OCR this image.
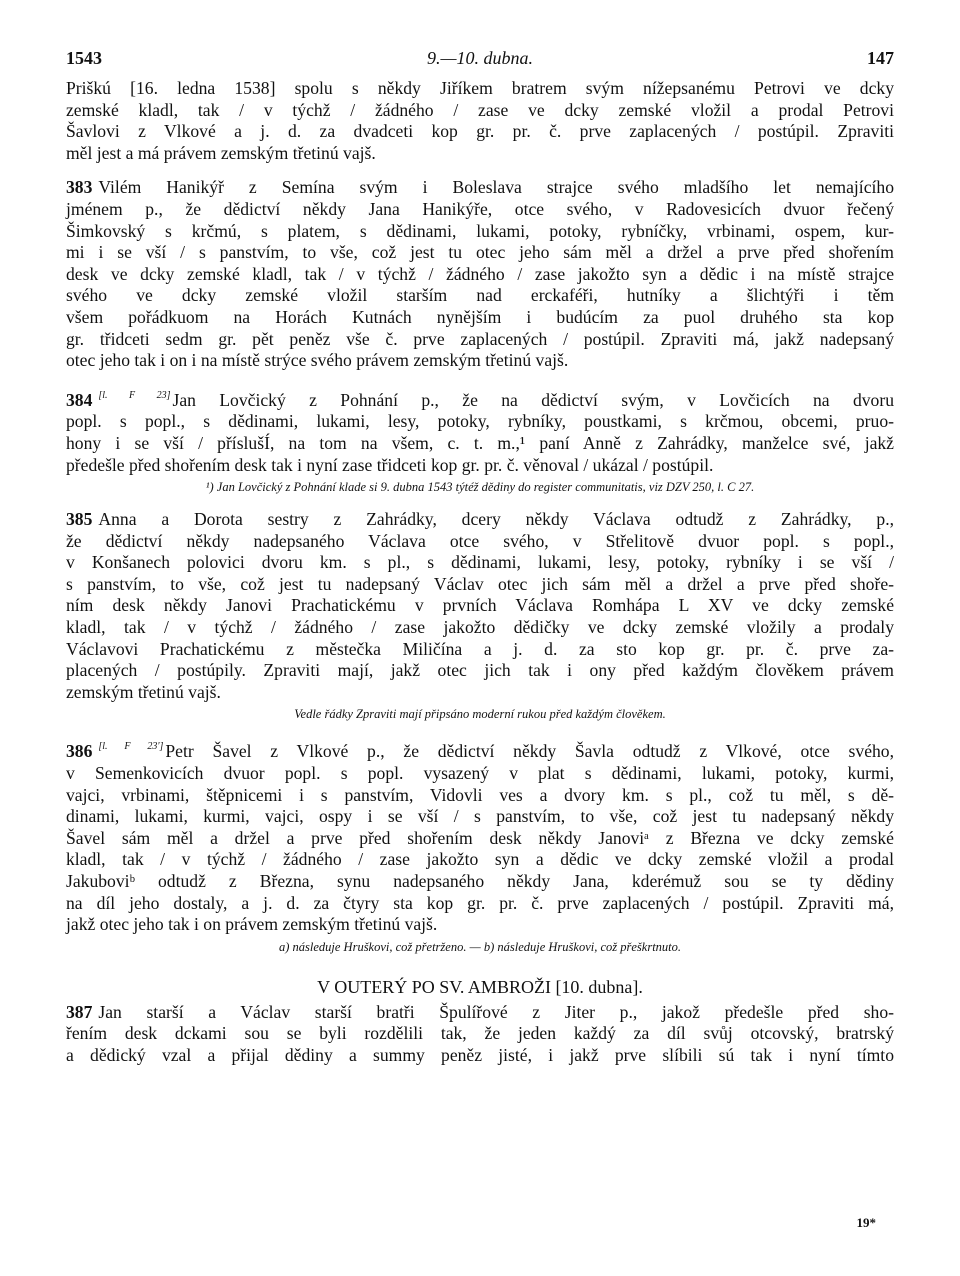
1543	9.—10. dubna.	147

Priškú [16. ledna 1538] spolu s někdy Jiříkem bratrem svým nížepsanému Petrovi ve dcky

zemské kladl, tak / v týchž / žádného / zase ve dcky zemské vložil a prodal Petrovi

Šavlovi z Vlkové a j. d. za dvadceti kop gr. pr. č. prve zaplacených / postúpil. Zpraviti

měl jest a má právem zemským třetinú vajš.

383 Vilém Hanikýř z Semína svým i Boleslava strajce svého mladšího let nemajícího

jménem p., že dědictví někdy Jana Hanikýře, otce svého, v Radovesicích dvuor řečený

Šimkovský s krčmú, s platem, s dědinami, lukami, potoky, rybníčky, vrbinami, ospem, kur-

mi i se vší / s panstvím, to vše, což jest tu otec jeho sám měl a držel a prve před shořením

desk ve dcky zemské kladl, tak / v týchž / žádného / zase jakožto syn a dědic i na místě strajce

svého ve dcky zemské vložil starším nad erckaféři, hutníky a šlichtýři i těm

všem pořádkuom na Horách Kutnách nynějším i budúcím za puol druhého sta kop

gr. třidceti sedm gr. pět peněz vše č. prve zaplacených / postúpil. Zpraviti má, jakž nadepsaný

otec jeho tak i on i na místě strýce svého právem zemským třetinú vajš.

384 [l. F 23] Jan Lovčický z Pohnání p., že na dědictví svým, v Lovčicích na dvoru

popl. s popl., s dědinami, lukami, lesy, potoky, rybníky, poustkami, s krčmou, obcemi, pruo-

hony i se vší / příslušÍ, na tom na všem, c. t. m.,¹ paní Anně z Zahrádky, manželce své, jakž

předešle před shořením desk tak i nyní zase třidceti kop gr. pr. č. věnoval / ukázal / postúpil.

¹) Jan Lovčický z Pohnání klade si 9. dubna 1543 týtéž dědiny do register communitatis, viz DZV 250, l. C 27.

385 Anna a Dorota sestry z Zahrádky, dcery někdy Václava odtudž z Zahrádky, p.,

že dědictví někdy nadepsaného Václava otce svého, v Střelitově dvuor popl. s popl.,

v Konšanech polovici dvoru km. s pl., s dědinami, lukami, lesy, potoky, rybníky i se vší /

s panstvím, to vše, což jest tu nadepsaný Václav otec jich sám měl a držel a prve před shoře-

ním desk někdy Janovi Prachatickému v prvních Václava Romhápa L XV ve dcky zemské

kladl, tak / v týchž / žádného / zase jakožto dědičky ve dcky zemské vložily a prodaly

Václavovi Prachatickému z městečka Miličína a j. d. za sto kop gr. pr. č. prve za-

placených / postúpily. Zpraviti mají, jakž otec jich tak i ony před každým člověkem právem

zemským třetinú vajš.

Vedle řádky Zpraviti mají připsáno moderní rukou před každým člověkem.

386 [l. F 23'] Petr Šavel z Vlkové p., že dědictví někdy Šavla odtudž z Vlkové, otce svého,

v Semenkovicích dvuor popl. s popl. vysazený v plat s dědinami, lukami, potoky, kurmi,

vajci, vrbinami, štěpnicemi i s panstvím, Vidovli ves a dvory km. s pl., což tu měl, s dě-

dinami, lukami, kurmi, vajci, ospy i se vší / s panstvím, to vše, což jest tu nadepsaný někdy

Šavel sám měl a držel a prve před shořením desk někdy Janoviᵃ z Března ve dcky zemské

kladl, tak / v týchž / žádného / zase jakožto syn a dědic ve dcky zemské vložil a prodal

Jakuboviᵇ odtudž z Března, synu nadepsaného někdy Jana, kderémuž sou se ty dědiny

na díl jeho dostaly, a j. d. za čtyry sta kop gr. pr. č. prve zaplacených / postúpil. Zpraviti má,

jakž otec jeho tak i on právem zemským třetinú vajš.

a) následuje Hruškovi, což přetrženo. — b) následuje Hruškovi, což přeškrtnuto.

V OUTERÝ PO SV. AMBROŽI [10. dubna].

387 Jan starší a Václav starší bratři Špulířové z Jiter p., jakož předešle před sho-

řením desk dckami sou se byli rozdělili tak, že jeden každý za díl svůj otcovský, bratrský

a dědický vzal a přijal dědiny a summy peněz jisté, i jakž prve slíbili sú tak i nyní tímto

19*
